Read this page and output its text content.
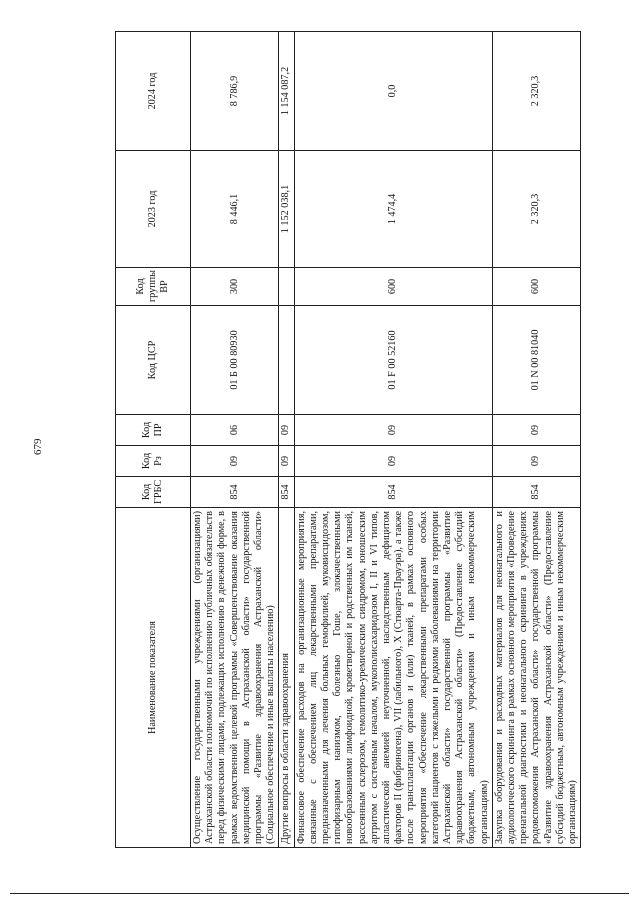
679
Наименование показателя	Код ГРБС	Код Рз	Код ПР	Код ЦСР	Код группы ВР	2023 год	2024 год
Осуществление государственными учреждениями (организациями) Астраханской области полномочий по исполнению публичных обязательств перед физическими лицами, подлежащих исполнению в денежной форме, в рамках ведомственной целевой программы «Совершенствование оказания медицинской помощи в Астраханской области» государственной программы «Развитие здравоохранения Астраханской области» (Социальное обеспечение и иные выплаты населению)	854	09	06	01 Б 00 80930	300	8 446,1	8 786,9
Другие вопросы в области здравоохранения	854	09	09			1 152 038,1	1 154 087,2
Финансовое обеспечение расходов на организационные мероприятия, связанные с обеспечением лиц лекарственными препаратами, предназначенными для лечения больных гемофилией, муковисцидозом, гипофизарным нанизмом, болезнью Гоше, злокачественными новообразованиями лимфоидной, кроветворной и родственных им тканей, рассеянным склерозом, гемолитико-уремическим синдромом, юношеским артритом с системным началом, мукополисахаридозом I, II и VI типов, апластической анемией неуточненной, наследственным дефицитом факторов II (фибриногена), VII (лабильного), X (Стюарта-Прауэра), а также после трансплантации органов и (или) тканей, в рамках основного мероприятия «Обеспечение лекарственными препаратами особых категорий пациентов с тяжелыми и редкими заболеваниями на территории Астраханской области» государственной программы «Развитие здравоохранения Астраханской области» (Предоставление субсидий бюджетным, автономным учреждениям и иным некоммерческим организациям)	854	09	09	01 F 00 52160	600	1 474,4	0,0
Закупка оборудования и расходных материалов для неонатального и аудиологического скрининга в рамках основного мероприятия «Проведение пренатальной диагностики и неонатального скрининга в учреждениях родовспоможения Астраханской области» государственной программы «Развитие здравоохранения Астраханской области» (Предоставление субсидий бюджетным, автономным учреждениям и иным некоммерческим организациям)	854	09	09	01 N 00 81040	600	2 320,3	2 320,3
